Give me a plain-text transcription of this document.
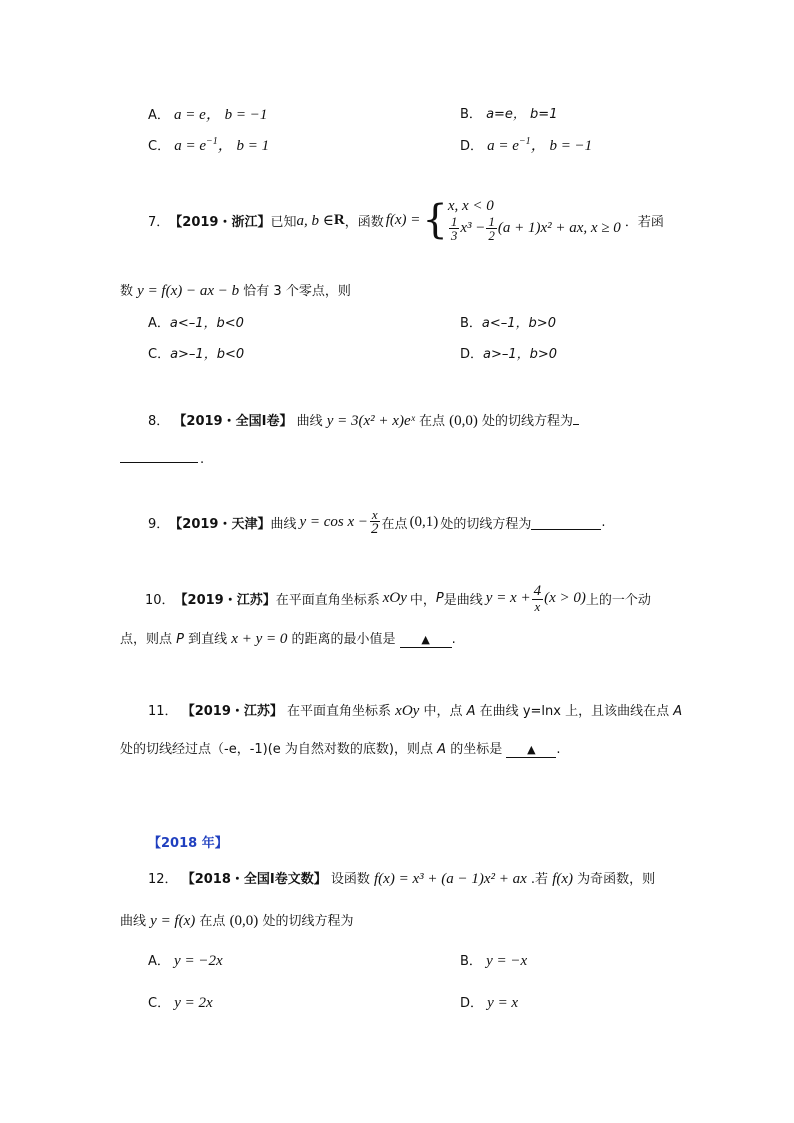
A． a = e， b = −1	B． a=e， b=1
C． $a = e^{-1}$， b = 1	D． $a = e^{-1}$， b = −1
7． 【2019・浙江】 已知 a, b ∈ R ，函数 f(x) = { x, x < 0
$\frac{1}{3} x^3 - \frac{1}{2} (a + 1)x^2$ + ax, x ≥ 0 ．若函
数 y = f(x) − ax − b 恰有 3 个零点，则
A．a<–1，b<0	B．a<–1，b>0
C．a>–1，b<0	D．a>–1，b>0
8． 【2019・全国Ⅰ卷】 曲线 y = 3(x² + x)eˣ 在点 (0,0) 处的切线方程为
.
9． 【2019・天津】 曲线 $y = \cos x - \frac{x}{2}$ 在点 (0,1) 处的切线方程为	.
10． 【2019・江苏】 在平面直角坐标系 xOy 中， P 是曲线 $y = x + \frac{4}{x} (x > 0)$ 上的一个动
点，则点 P 到直线 x + y = 0 的距离的最小值是 ▲ .
11． 【2019・江苏】 在平面直角坐标系 xOy 中，点 A 在曲线 y=lnx 上，且该曲线在点 A
处的切线经过点（-e，-1)(e 为自然对数的底数)，则点 A 的坐标是 ▲ .
【2018 年】
12． 【2018・全国Ⅰ卷文数】 设函数 f(x) = x³ + (a − 1)x² + ax .若 f(x) 为奇函数，则
曲线 y = f(x) 在点 (0,0) 处的切线方程为
A． y = −2x	B． y = −x
C． y = 2x	D． y = x
